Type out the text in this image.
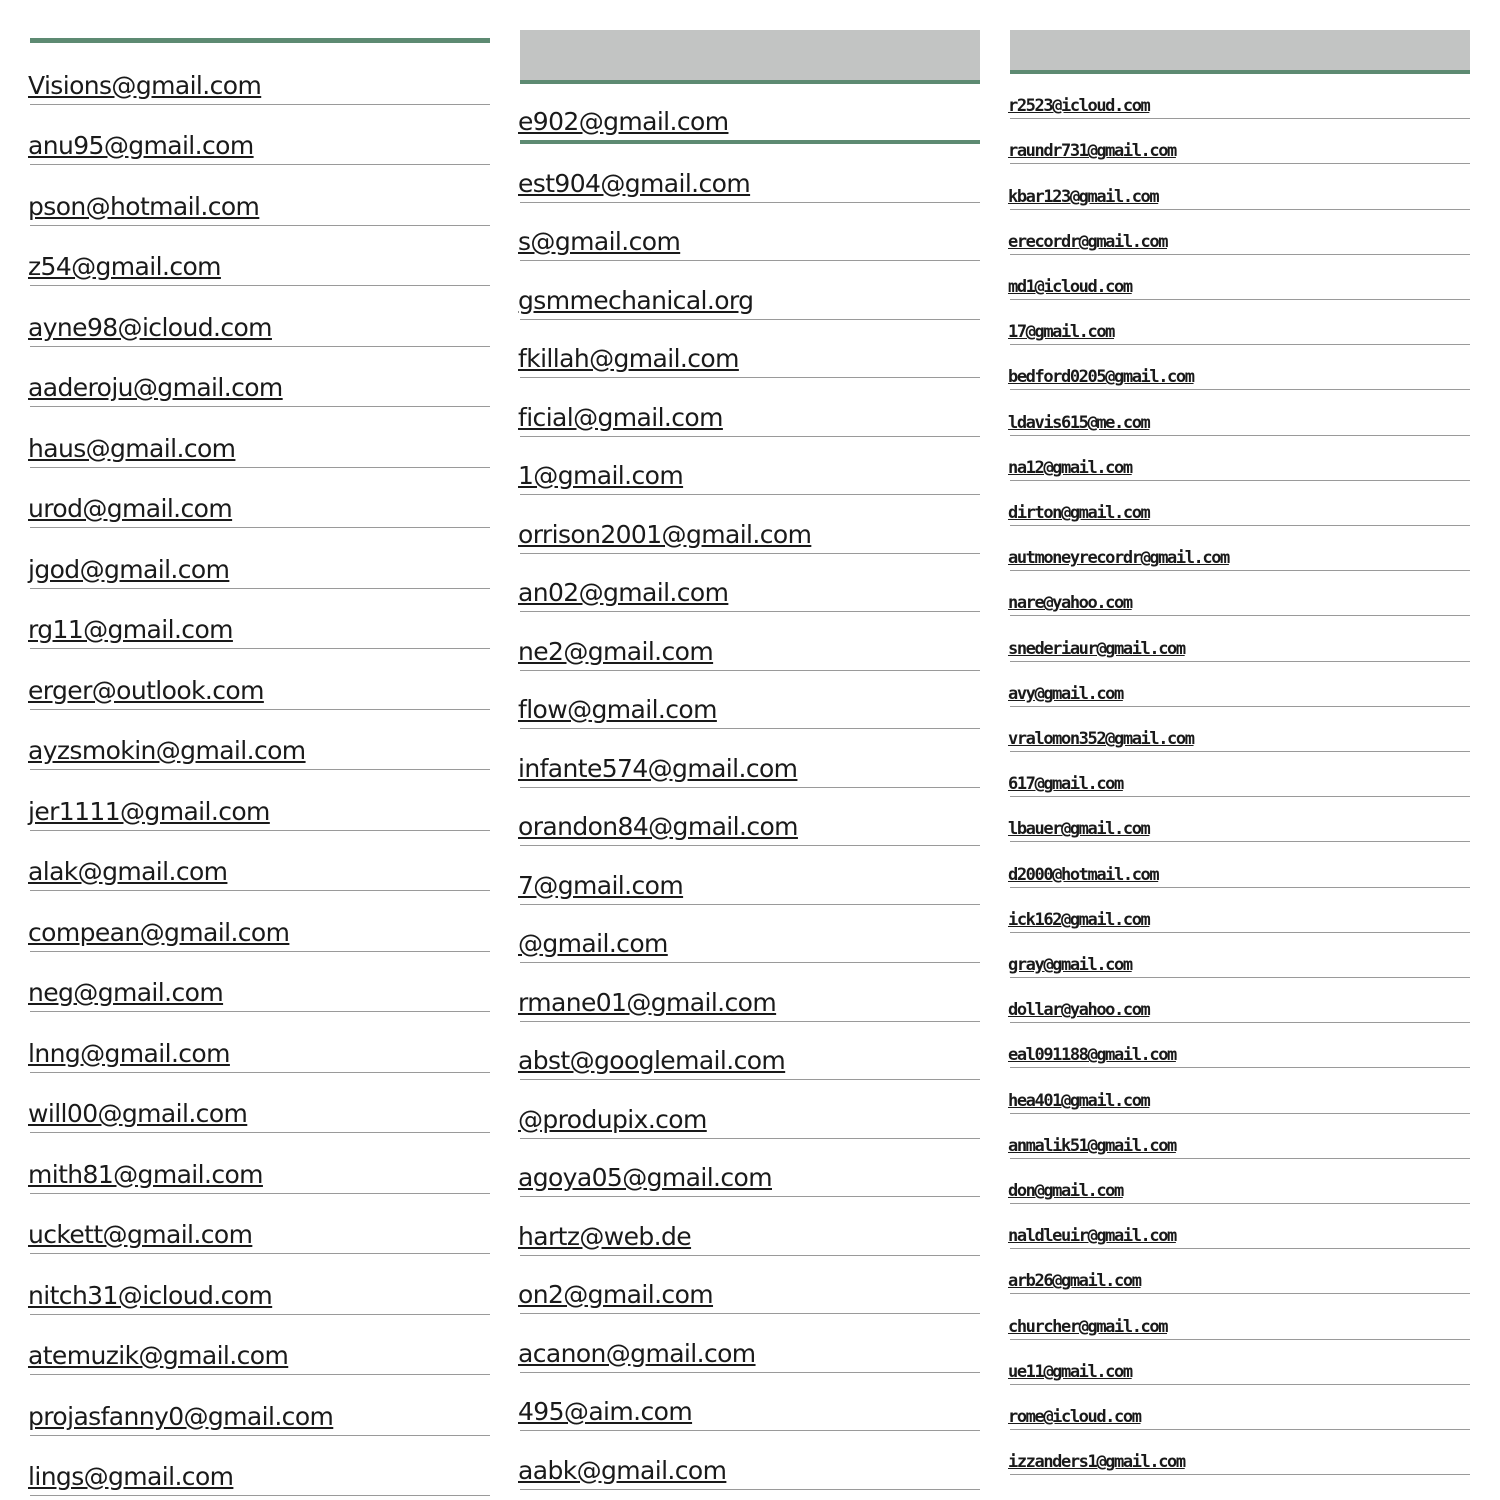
Visions@gmail.com
anu95@gmail.com
pson@hotmail.com
z54@gmail.com
ayne98@icloud.com
aaderoju@gmail.com
haus@gmail.com
urod@gmail.com
jgod@gmail.com
rg11@gmail.com
erger@outlook.com
ayzsmokin@gmail.com
jer1111@gmail.com
alak@gmail.com
compean@gmail.com
neg@gmail.com
lnng@gmail.com
will00@gmail.com
mith81@gmail.com
uckett@gmail.com
nitch31@icloud.com
atemuzik@gmail.com
projasfanny0@gmail.com
lings@gmail.com
e902@gmail.com
est904@gmail.com
s@gmail.com
gsmmechanical.org
fkillah@gmail.com
ficial@gmail.com
1@gmail.com
orrison2001@gmail.com
an02@gmail.com
ne2@gmail.com
flow@gmail.com
infante574@gmail.com
orandon84@gmail.com
7@gmail.com
@gmail.com
rmane01@gmail.com
abst@googlemail.com
@produpix.com
agoya05@gmail.com
hartz@web.de
on2@gmail.com
acanon@gmail.com
495@aim.com
aabk@gmail.com
r2523@icloud.com
raundr731@gmail.com
kbar123@gmail.com
erecordr@gmail.com
md1@icloud.com
17@gmail.com
bedford0205@gmail.com
ldavis615@me.com
na12@gmail.com
dirton@gmail.com
autmoneyrecordr@gmail.com
nare@yahoo.com
snederiaur@gmail.com
avy@gmail.com
vralomon352@gmail.com
617@gmail.com
lbauer@gmail.com
d2000@hotmail.com
ick162@gmail.com
gray@gmail.com
dollar@yahoo.com
eal091188@gmail.com
hea401@gmail.com
anmalik51@gmail.com
don@gmail.com
naldleuir@gmail.com
arb26@gmail.com
churcher@gmail.com
ue11@gmail.com
rome@icloud.com
izzanders1@gmail.com
